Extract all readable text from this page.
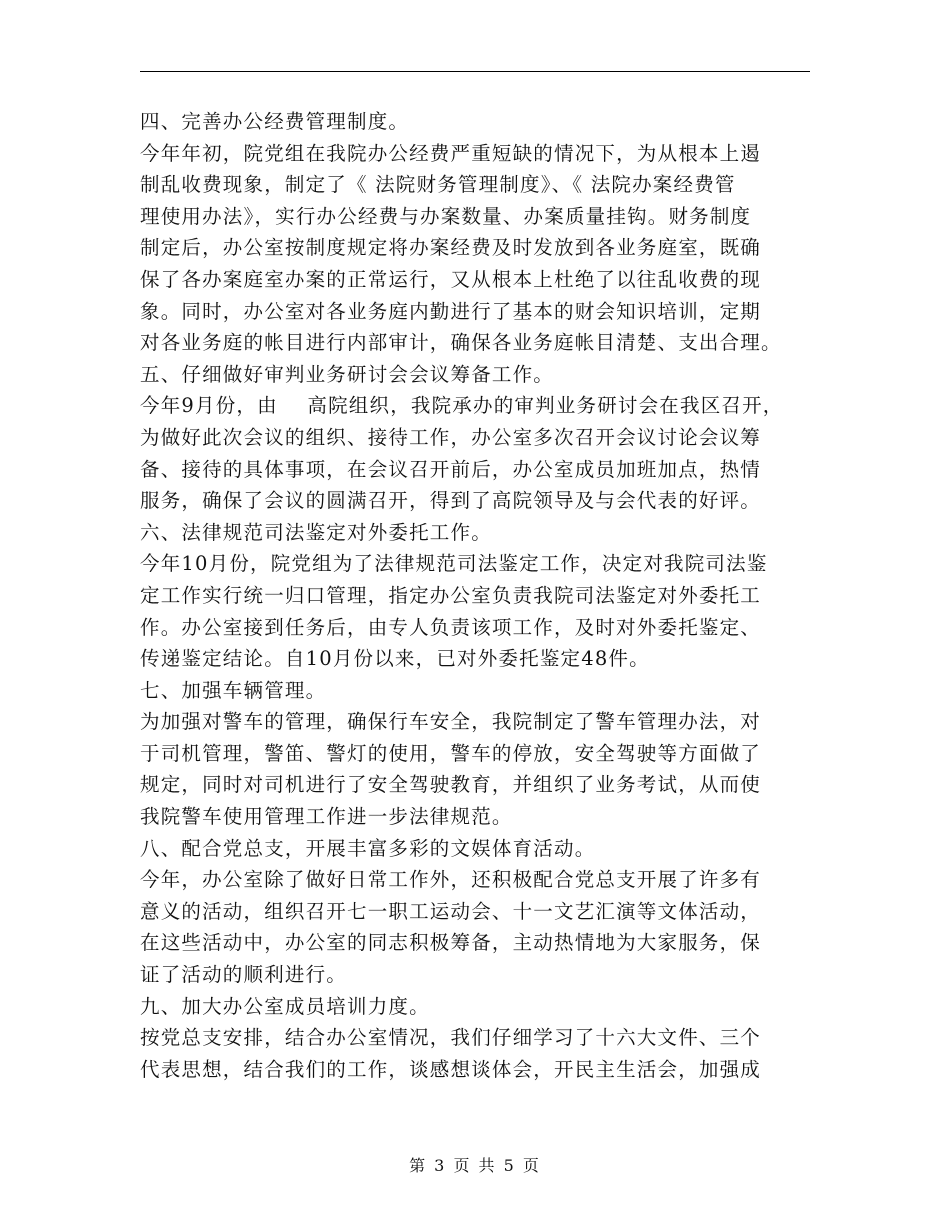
四、完善办公经费管理制度。
今年年初，院党组在我院办公经费严重短缺的情况下，为从根本上遏
制乱收费现象，制定了《 法院财务管理制度》、《 法院办案经费管
理使用办法》，实行办公经费与办案数量、办案质量挂钩。财务制度
制定后，办公室按制度规定将办案经费及时发放到各业务庭室，既确
保了各办案庭室办案的正常运行，又从根本上杜绝了以往乱收费的现
象。同时，办公室对各业务庭内勤进行了基本的财会知识培训，定期
对各业务庭的帐目进行内部审计，确保各业务庭帐目清楚、支出合理。
五、仔细做好审判业务研讨会会议筹备工作。
今年9月份，由    高院组织，我院承办的审判业务研讨会在我区召开，
为做好此次会议的组织、接待工作，办公室多次召开会议讨论会议筹
备、接待的具体事项，在会议召开前后，办公室成员加班加点，热情
服务，确保了会议的圆满召开，得到了高院领导及与会代表的好评。
六、法律规范司法鉴定对外委托工作。
今年10月份，院党组为了法律规范司法鉴定工作，决定对我院司法鉴
定工作实行统一归口管理，指定办公室负责我院司法鉴定对外委托工
作。办公室接到任务后，由专人负责该项工作，及时对外委托鉴定、
传递鉴定结论。自10月份以来，已对外委托鉴定48件。
七、加强车辆管理。
为加强对警车的管理，确保行车安全，我院制定了警车管理办法，对
于司机管理，警笛、警灯的使用，警车的停放，安全驾驶等方面做了
规定，同时对司机进行了安全驾驶教育，并组织了业务考试，从而使
我院警车使用管理工作进一步法律规范。
八、配合党总支，开展丰富多彩的文娱体育活动。
今年，办公室除了做好日常工作外，还积极配合党总支开展了许多有
意义的活动，组织召开七一职工运动会、十一文艺汇演等文体活动，
在这些活动中，办公室的同志积极筹备，主动热情地为大家服务，保
证了活动的顺利进行。
九、加大办公室成员培训力度。
按党总支安排，结合办公室情况，我们仔细学习了十六大文件、三个
代表思想，结合我们的工作，谈感想谈体会，开民主生活会，加强成
第 3 页 共 5 页
